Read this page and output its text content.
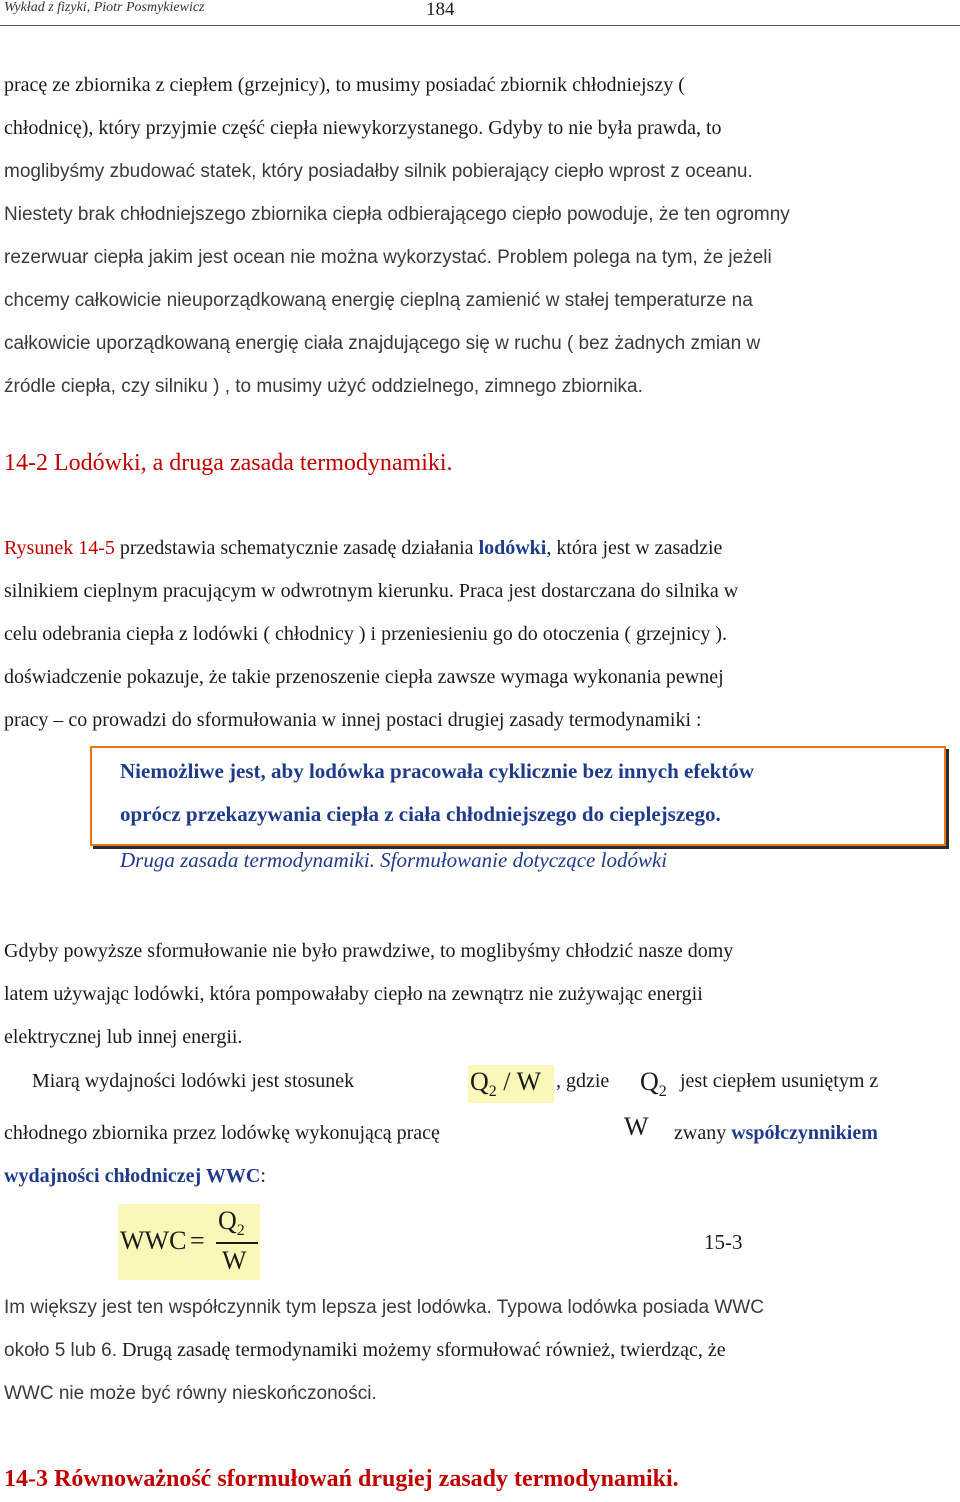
Wykład z fizyki, Piotr Posmykiewicz	184
pracę ze zbiornika z ciepłem (grzejnicy), to musimy posiadać zbiornik chłodniejszy (
chłodnicę), który przyjmie część ciepła niewykorzystanego. Gdyby to nie była prawda, to
moglibyśmy zbudować statek, który posiadałby silnik pobierający ciepło wprost z oceanu.
Niestety brak chłodniejszego zbiornika ciepła odbierającego ciepło powoduje, że ten ogromny
rezerwuar ciepła jakim jest ocean nie można wykorzystać. Problem polega na tym, że jeżeli
chcemy całkowicie nieuporządkowaną energię cieplną zamienić w stałej temperaturze na
całkowicie uporządkowaną energię ciała znajdującego się w ruchu ( bez żadnych zmian w
źródle ciepła, czy silniku ) , to musimy użyć oddzielnego, zimnego zbiornika.
14-2 Lodówki, a druga zasada termodynamiki.
Rysunek 14-5 przedstawia schematycznie zasadę działania lodówki, która jest w zasadzie
silnikiem cieplnym pracującym w odwrotnym kierunku. Praca jest dostarczana do silnika w
celu odebrania ciepła z lodówki ( chłodnicy ) i przeniesieniu go do otoczenia ( grzejnicy ).
doświadczenie pokazuje, że takie przenoszenie ciepła zawsze wymaga wykonania pewnej
pracy – co prowadzi do sformułowania w innej postaci drugiej zasady termodynamiki :
Niemożliwe jest, aby lodówka pracowała cyklicznie bez innych efektów
oprócz przekazywania ciepła z ciała chłodniejszego do cieplejszego.
Druga zasada termodynamiki. Sformułowanie dotyczące lodówki
Gdyby powyższe sformułowanie nie było prawdziwe, to moglibyśmy chłodzić nasze domy
latem używając lodówki, która pompowałaby ciepło na zewnątrz nie zużywając energii
elektrycznej lub innej energii.
Miarą wydajności lodówki jest stosunek	$Q_2$ / W , gdzie $Q_2$ jest ciepłem usuniętym z
chłodnego zbiornika przez lodówkę wykonującą pracę	W zwany współczynnikiem
wydajności chłodniczej WWC:
WWC =
$Q_2$
W
15-3
Im większy jest ten współczynnik tym lepsza jest lodówka. Typowa lodówka posiada WWC
około 5 lub 6. Drugą zasadę termodynamiki możemy sformułować również, twierdząc, że
WWC nie może być równy nieskończoności.
14-3 Równoważność sformułowań drugiej zasady termodynamiki.
